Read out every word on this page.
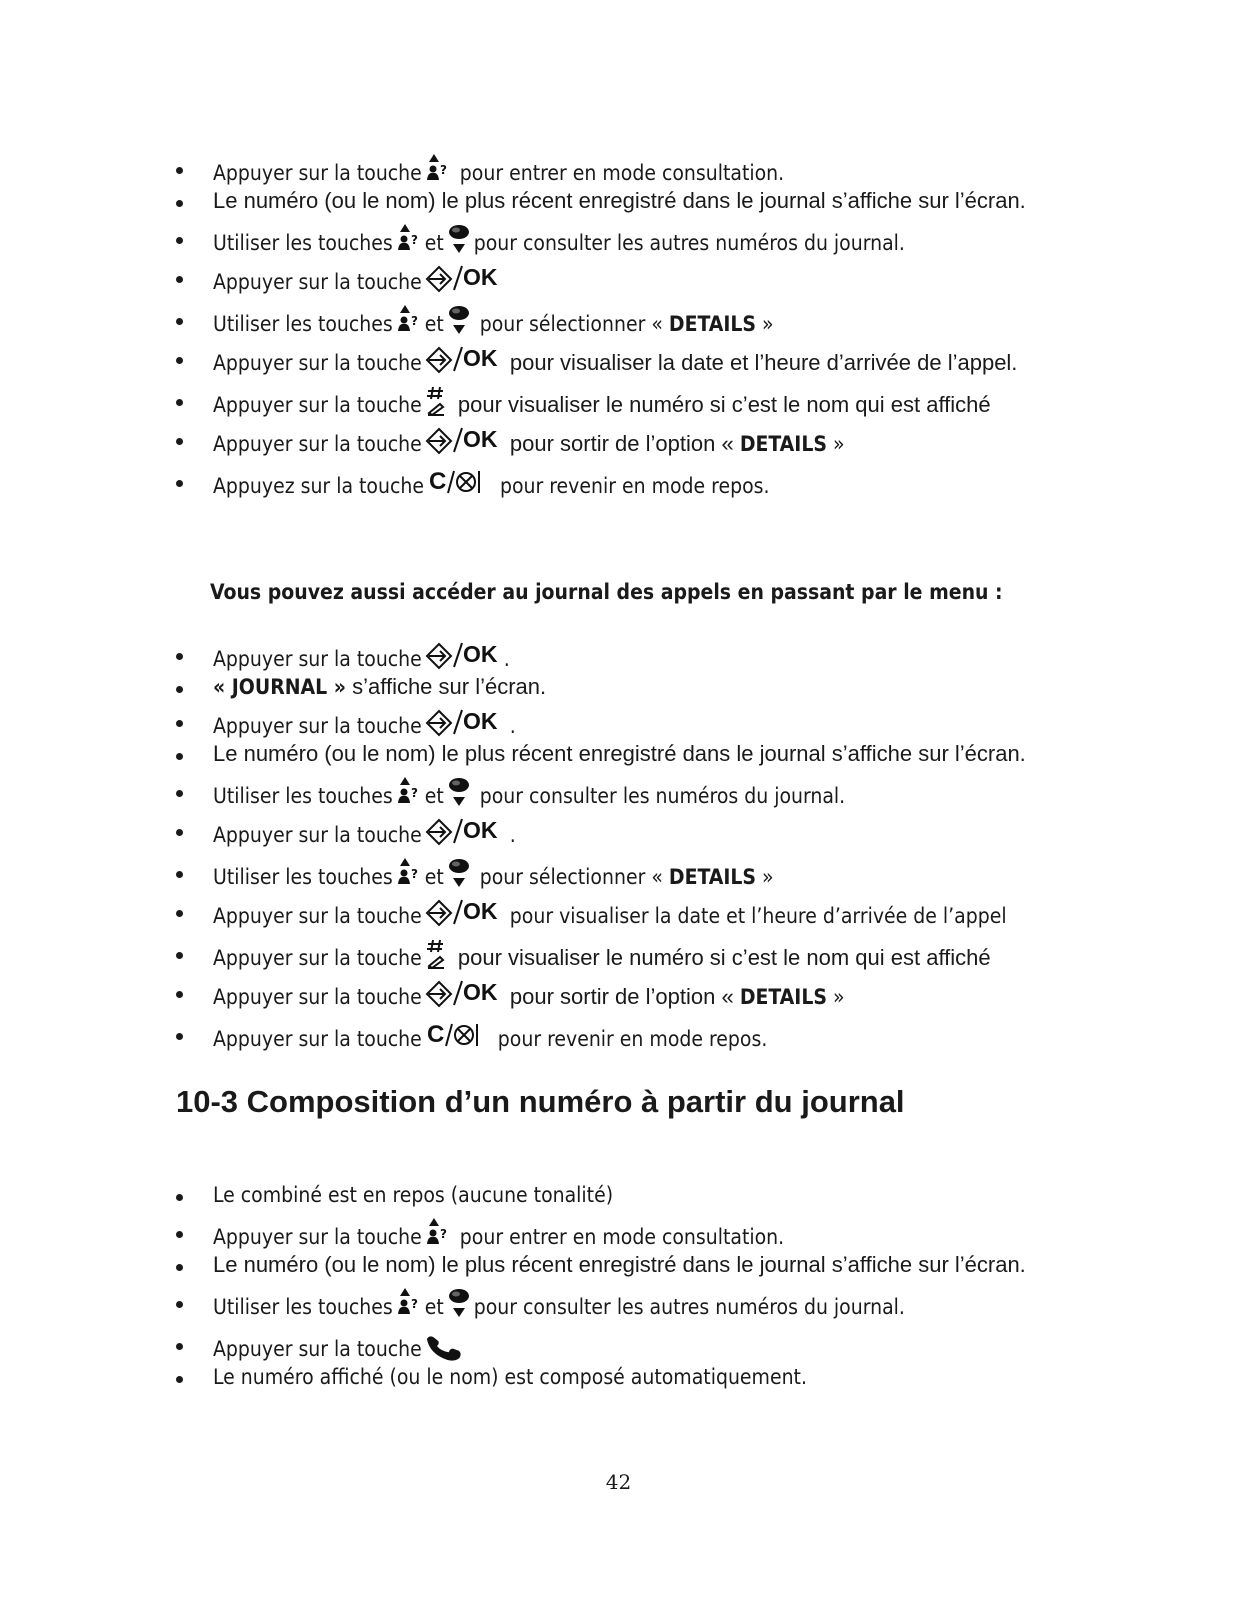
Appuyer sur la touche ? pour entrer en mode consultation.
Le numéro (ou le nom) le plus récent enregistré dans le journal s’affiche sur l’écran.
Utiliser les touches ? et pour consulter les autres numéros du journal.
Appuyer sur la touche OK
Utiliser les touches ? et
pour sélectionner « DETAILS »
Appuyer sur la touche OK pour visualiser la date et l’heure d’arrivée de l’appel.
Appuyer sur la touche
pour visualiser le numéro si c’est le nom qui est affiché
Appuyer sur la touche OK pour sortir de l’option « DETAILS »
Appuyez sur la touche C pour revenir en mode repos.
Vous pouvez aussi accéder au journal des appels en passant par le menu :
Appuyer sur la touche OK .
« JOURNAL » s’affiche sur l’écran.
Appuyer sur la touche OK .
Le numéro (ou le nom) le plus récent enregistré dans le journal s’affiche sur l’écran.
Utiliser les touches ? et
pour consulter les numéros du journal.
Appuyer sur la touche OK .
Utiliser les touches ? et
pour sélectionner « DETAILS »
Appuyer sur la touche OK pour visualiser la date et l’heure d’arrivée de l’appel
Appuyer sur la touche
pour visualiser le numéro si c’est le nom qui est affiché
Appuyer sur la touche OK pour sortir de l’option « DETAILS »
Appuyer sur la touche C pour revenir en mode repos.
10-3 Composition d’un numéro à partir du journal
Le combiné est en repos (aucune tonalité)
Appuyer sur la touche ? pour entrer en mode consultation.
Le numéro (ou le nom) le plus récent enregistré dans le journal s’affiche sur l’écran.
Utiliser les touches ? et pour consulter les autres numéros du journal.
Appuyer sur la touche
Le numéro affiché (ou le nom) est composé automatiquement.
42
